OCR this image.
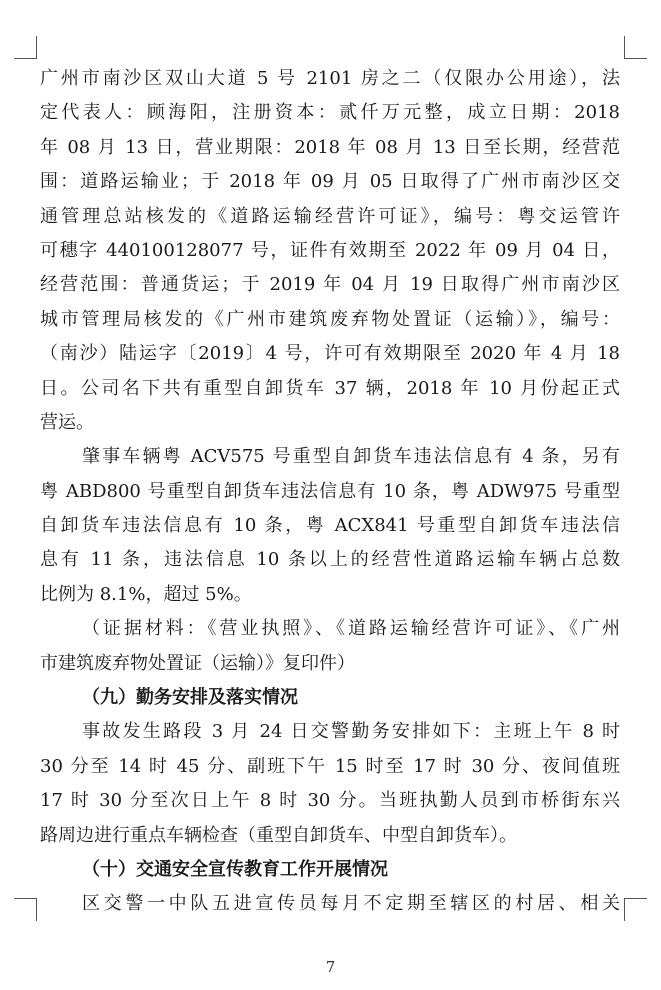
广州市南沙区双山大道 5 号 2101 房之二（仅限办公用途），法
定代表人：顾海阳，注册资本：贰仟万元整，成立日期：2018
年 08 月 13 日，营业期限：2018 年 08 月 13 日至长期，经营范
围：道路运输业；于 2018 年 09 月 05 日取得了广州市南沙区交
通管理总站核发的《道路运输经营许可证》，编号：粤交运管许
可穗字 440100128077 号，证件有效期至 2022 年 09 月 04 日，
经营范围：普通货运；于 2019 年 04 月 19 日取得广州市南沙区
城市管理局核发的《广州市建筑废弃物处置证（运输）》，编号：
（南沙）陆运字〔2019〕4 号，许可有效期限至 2020 年 4 月 18
日。公司名下共有重型自卸货车 37 辆，2018 年 10 月份起正式
营运。
肇事车辆粤 ACV575 号重型自卸货车违法信息有 4 条，另有
粤 ABD800 号重型自卸货车违法信息有 10 条，粤 ADW975 号重型
自卸货车违法信息有 10 条，粤 ACX841 号重型自卸货车违法信
息有 11 条，违法信息 10 条以上的经营性道路运输车辆占总数
比例为 8.1%，超过 5%。
（证据材料：《营业执照》、《道路运输经营许可证》、《广州
市建筑废弃物处置证（运输）》复印件）
（九）勤务安排及落实情况
事故发生路段 3 月 24 日交警勤务安排如下：主班上午 8 时
30 分至 14 时 45 分、副班下午 15 时至 17 时 30 分、夜间值班
17 时 30 分至次日上午 8 时 30 分。当班执勤人员到市桥街东兴
路周边进行重点车辆检查（重型自卸货车、中型自卸货车）。
（十）交通安全宣传教育工作开展情况
区交警一中队五进宣传员每月不定期至辖区的村居、相关
7
